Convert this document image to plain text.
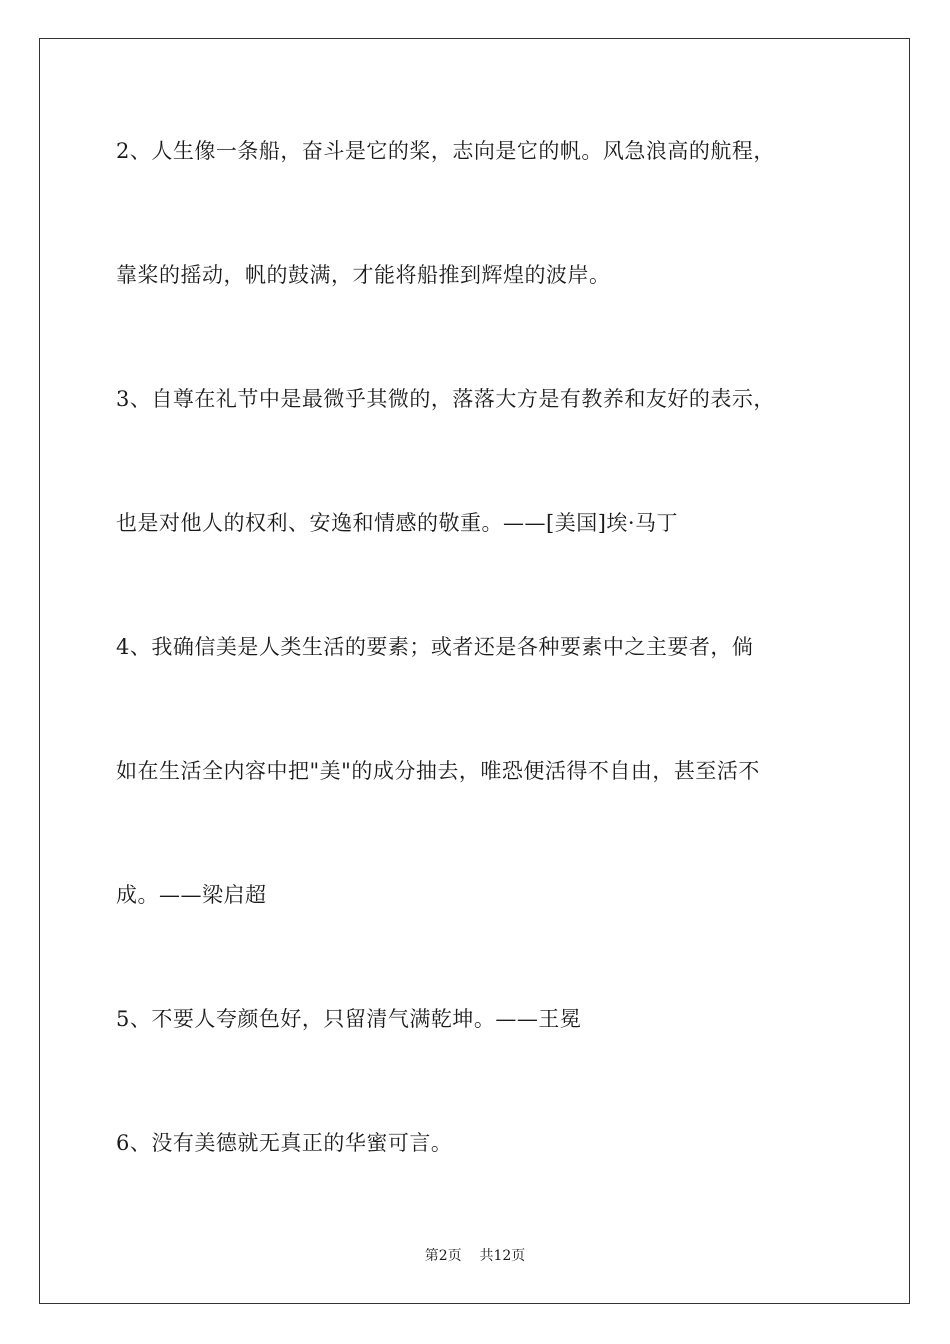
2、人生像一条船，奋斗是它的桨，志向是它的帆。风急浪高的航程，
靠桨的摇动，帆的鼓满，才能将船推到辉煌的波岸。
3、自尊在礼节中是最微乎其微的，落落大方是有教养和友好的表示，
也是对他人的权利、安逸和情感的敬重。——[美国]埃·马丁
4、我确信美是人类生活的要素；或者还是各种要素中之主要者，倘
如在生活全内容中把"美"的成分抽去，唯恐便活得不自由，甚至活不
成。——梁启超
5、不要人夸颜色好，只留清气满乾坤。——王冕
6、没有美德就无真正的华蜜可言。
第2页 共12页
